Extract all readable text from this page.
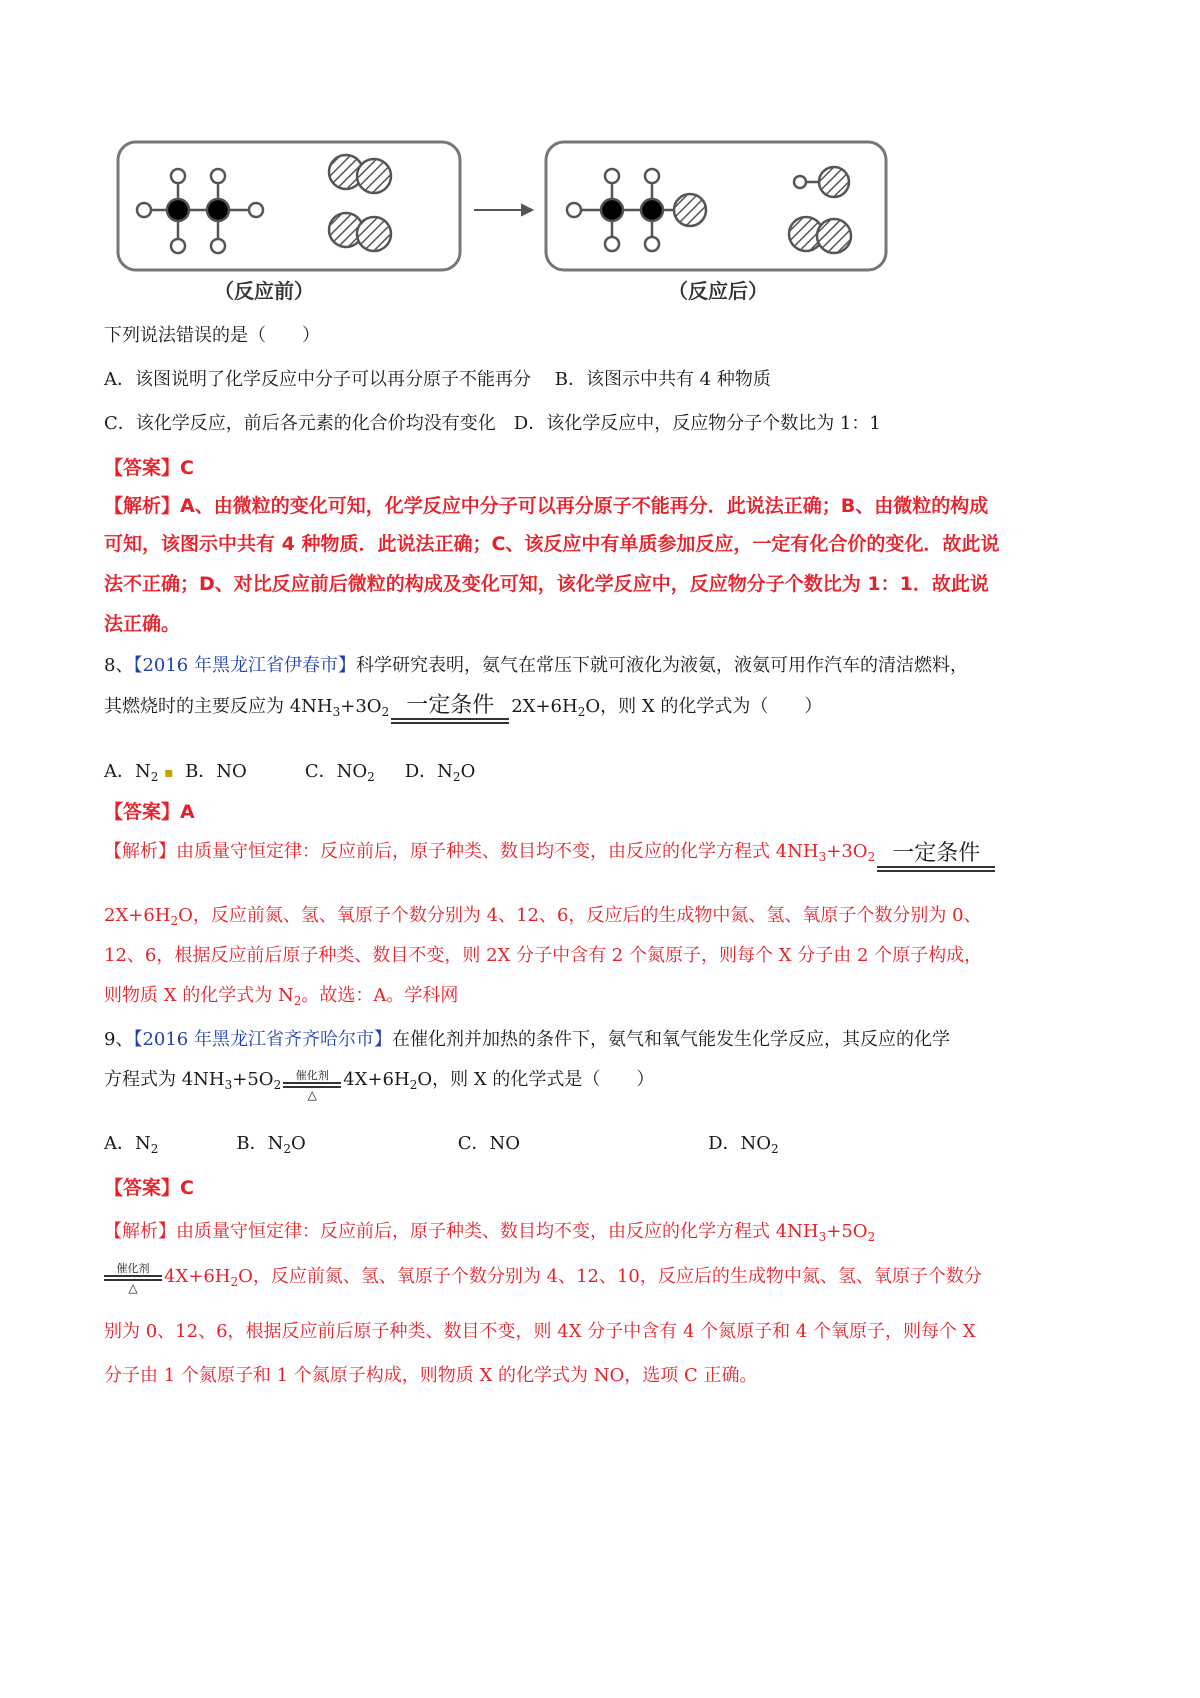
（反应前）	（反应后）
下列说法错误的是（　　）
A．该图说明了化学反应中分子可以再分原子不能再分　 B．该图示中共有 4 种物质
C．该化学反应，前后各元素的化合价均没有变化　D．该化学反应中，反应物分子个数比为 1：1
【答案】C
【解析】A、由微粒的变化可知，化学反应中分子可以再分原子不能再分．此说法正确；B、由微粒的构成
可知，该图示中共有 4 种物质．此说法正确；C、该反应中有单质参加反应，一定有化合价的变化．故此说
法不正确；D、对比反应前后微粒的构成及变化可知，该化学反应中，反应物分子个数比为 1：1．故此说
法正确。
8、【2016 年黑龙江省伊春市】科学研究表明，氨气在常压下就可液化为液氨，液氨可用作汽车的清洁燃料，
其燃烧时的主要反应为 $4NH_3+3O_2$ 一定条件 $2X+6H_2O$，则 X 的化学式为（　　）
A．$N_2$ ▪ B．NO	C．$NO_2$ D．$N_2O$
【答案】A
【解析】由质量守恒定律：反应前后，原子种类、数目均不变，由反应的化学方程式 $4NH_3+3O_2$ 一定条件
$2X+6H_2O$，反应前氮、氢、氧原子个数分别为 4、12、6，反应后的生成物中氮、氢、氧原子个数分别为 0、
12、6，根据反应前后原子种类、数目不变，则 2X 分子中含有 2 个氮原子，则每个 X 分子由 2 个原子构成，
则物质 X 的化学式为 $N_2$。故选：A。学科网
9、【2016 年黑龙江省齐齐哈尔市】在催化剂并加热的条件下，氨气和氧气能发生化学反应，其反应的化学
方程式为 $4NH_3+5O_2$
催化剂
△
$4X+6H_2O$，则 X 的化学式是（　　）
A．$N_2$	B．$N_2O$	C．NO	D．$NO_2$
【答案】C
【解析】由质量守恒定律：反应前后，原子种类、数目均不变，由反应的化学方程式 $4NH_3+5O_2$
催化剂
△
$4X+6H_2O$，反应前氮、氢、氧原子个数分别为 4、12、10，反应后的生成物中氮、氢、氧原子个数分
别为 0、12、6，根据反应前后原子种类、数目不变，则 4X 分子中含有 4 个氮原子和 4 个氧原子，则每个 X
分子由 1 个氮原子和 1 个氮原子构成，则物质 X 的化学式为 NO，选项 C 正确。
